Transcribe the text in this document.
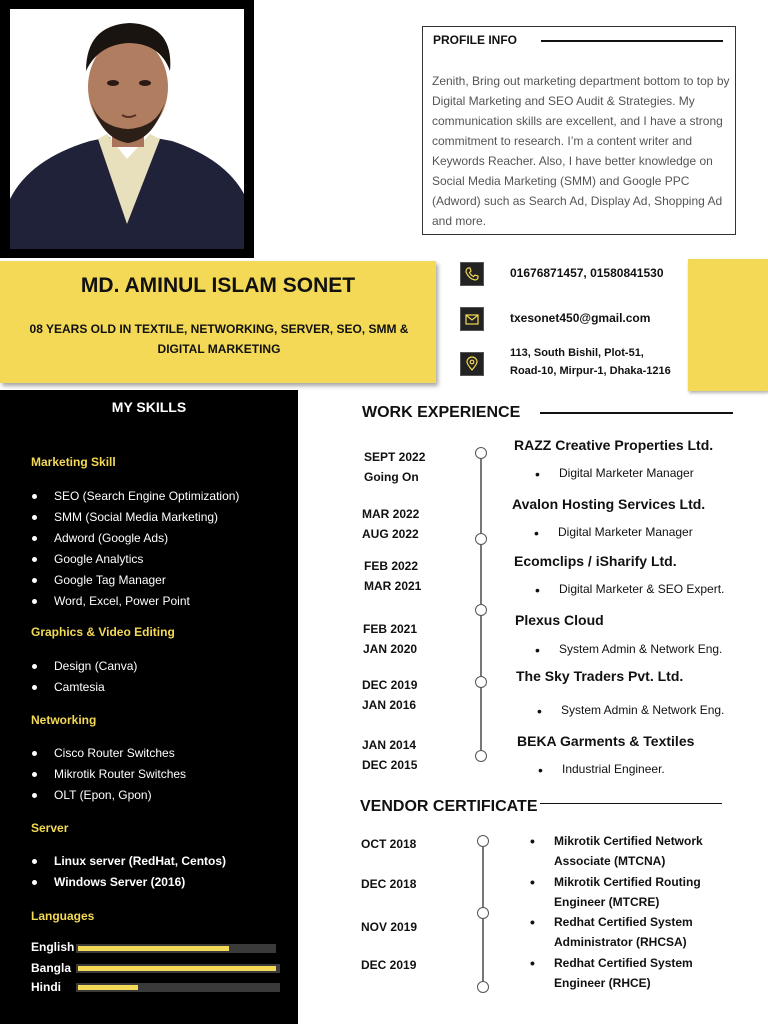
PROFILE INFO
Zenith, Bring out marketing department bottom to top by Digital Marketing and SEO Audit & Strategies. My communication skills are excellent, and I have a strong commitment to research. I’m a content writer and Keywords Reacher. Also, I have better knowledge on Social Media Marketing (SMM) and Google PPC (Adword) such as Search Ad, Display Ad, Shopping Ad and more.
MD. AMINUL ISLAM SONET
08 YEARS OLD IN TEXTILE, NETWORKING, SERVER, SEO, SMM & DIGITAL MARKETING
01676871457, 01580841530
txesonet450@gmail.com
113, South Bishil, Plot-51,
Road-10, Mirpur-1, Dhaka-1216
MY SKILLS
Marketing Skill
SEO (Search Engine Optimization)
SMM (Social Media Marketing)
Adword (Google Ads)
Google Analytics
Google Tag Manager
Word, Excel, Power Point
Graphics & Video Editing
Design (Canva)
Camtesia
Networking
Cisco Router Switches
Mikrotik Router Switches
OLT (Epon, Gpon)
Server
Linux server (RedHat, Centos)
Windows Server (2016)
Languages
English
Bangla
Hindi
WORK EXPERIENCE
SEPT 2022
Going On
RAZZ Creative Properties Ltd.
• Digital Marketer Manager
MAR 2022
AUG 2022
Avalon Hosting Services Ltd.
• Digital Marketer Manager
FEB 2022
MAR 2021
Ecomclips / iSharify Ltd.
• Digital Marketer & SEO Expert.
FEB 2021
JAN 2020
Plexus Cloud
• System Admin & Network Eng.
DEC 2019
JAN 2016
The Sky Traders Pvt. Ltd.
• System Admin & Network Eng.
JAN 2014
DEC 2015
BEKA Garments & Textiles
• Industrial Engineer.
VENDOR CERTIFICATE
OCT 2018
DEC 2018
NOV 2019
DEC 2019
• Mikrotik Certified Network Associate (MTCNA)
• Mikrotik Certified Routing Engineer (MTCRE)
• Redhat Certified System Administrator (RHCSA)
• Redhat Certified System Engineer (RHCE)
